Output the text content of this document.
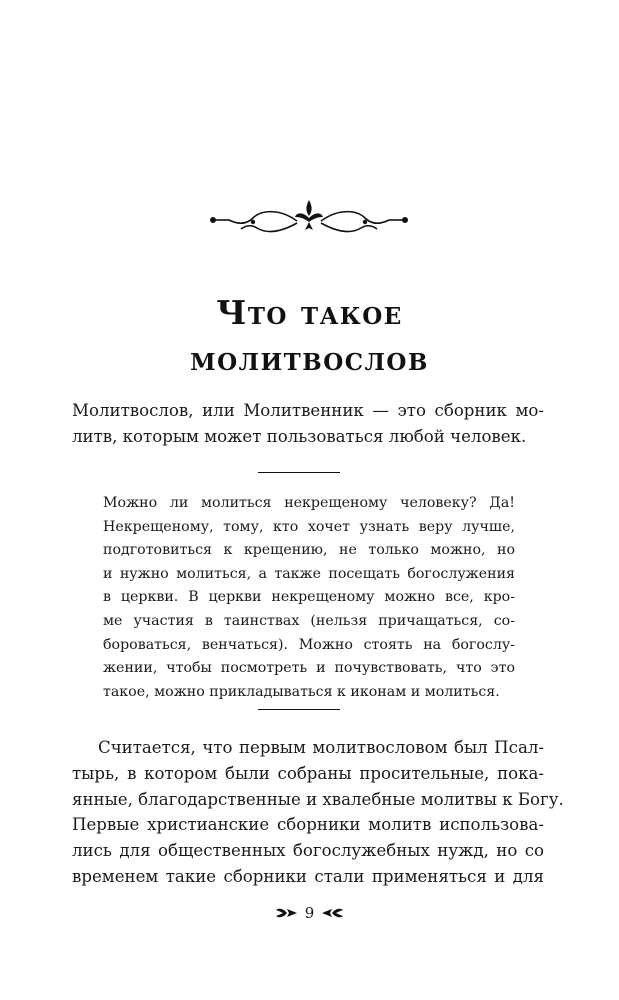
Что такое
молитвослов

Молитвослов, или Молитвенник — это сборник мо-
литв, которым может пользоваться любой человек.

Можно ли молиться некрещеному человеку? Да!
Некрещеному, тому, кто хочет узнать веру лучше,
подготовиться к крещению, не только можно, но
и нужно молиться, а также посещать богослужения
в церкви. В церкви некрещеному можно все, кро-
ме участия в таинствах (нельзя причащаться, со-
бороваться, венчаться). Можно стоять на богослу-
жении, чтобы посмотреть и почувствовать, что это
такое, можно прикладываться к иконам и молиться.

Считается, что первым молитвословом был Псал-
тырь, в котором были собраны просительные, пока-
янные, благодарственные и хвалебные молитвы к Богу.
Первые христианские сборники молитв использова-
лись для общественных богослужебных нужд, но со
временем такие сборники стали применяться и для

9
